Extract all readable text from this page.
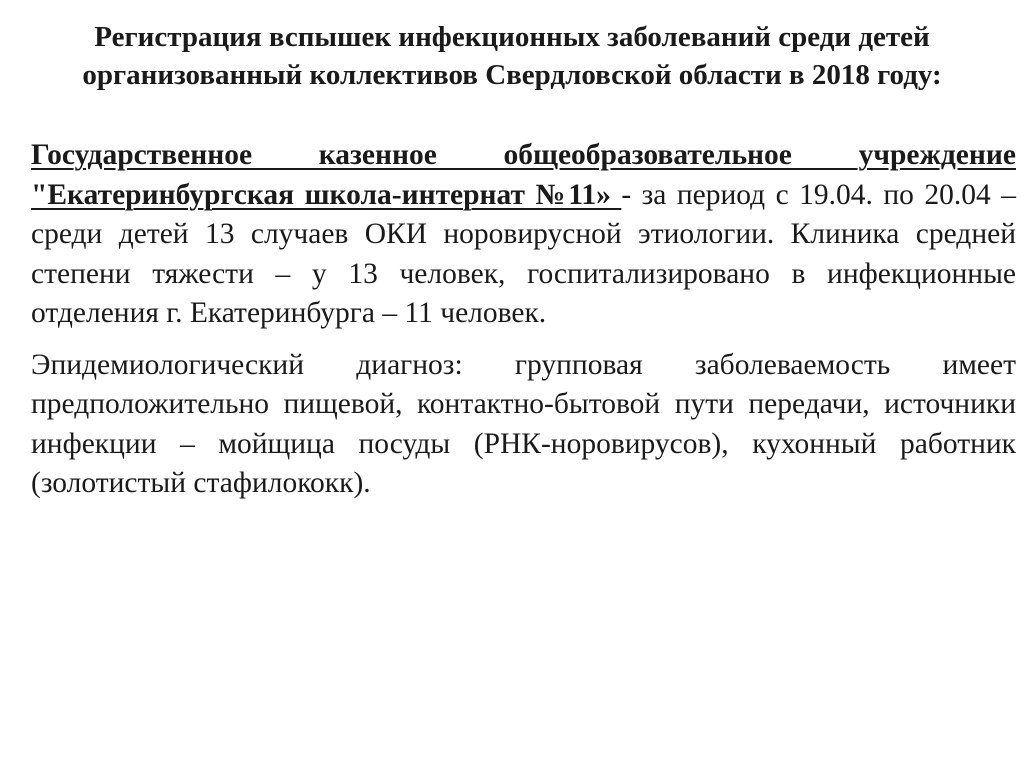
Регистрация вспышек инфекционных заболеваний среди детей организованный коллективов Свердловской области в 2018 году:

Государственное казенное общеобразовательное учреждение "Екатеринбургская школа-интернат №11» - за период с 19.04. по 20.04 – среди детей 13 случаев ОКИ норовирусной этиологии. Клиника средней степени тяжести – у 13 человек, госпитализировано в инфекционные отделения г. Екатеринбурга – 11 человек.

Эпидемиологический диагноз: групповая заболеваемость имеет предположительно пищевой, контактно-бытовой пути передачи, источники инфекции – мойщица посуды (РНК-норовирусов), кухонный работник (золотистый стафилококк).
